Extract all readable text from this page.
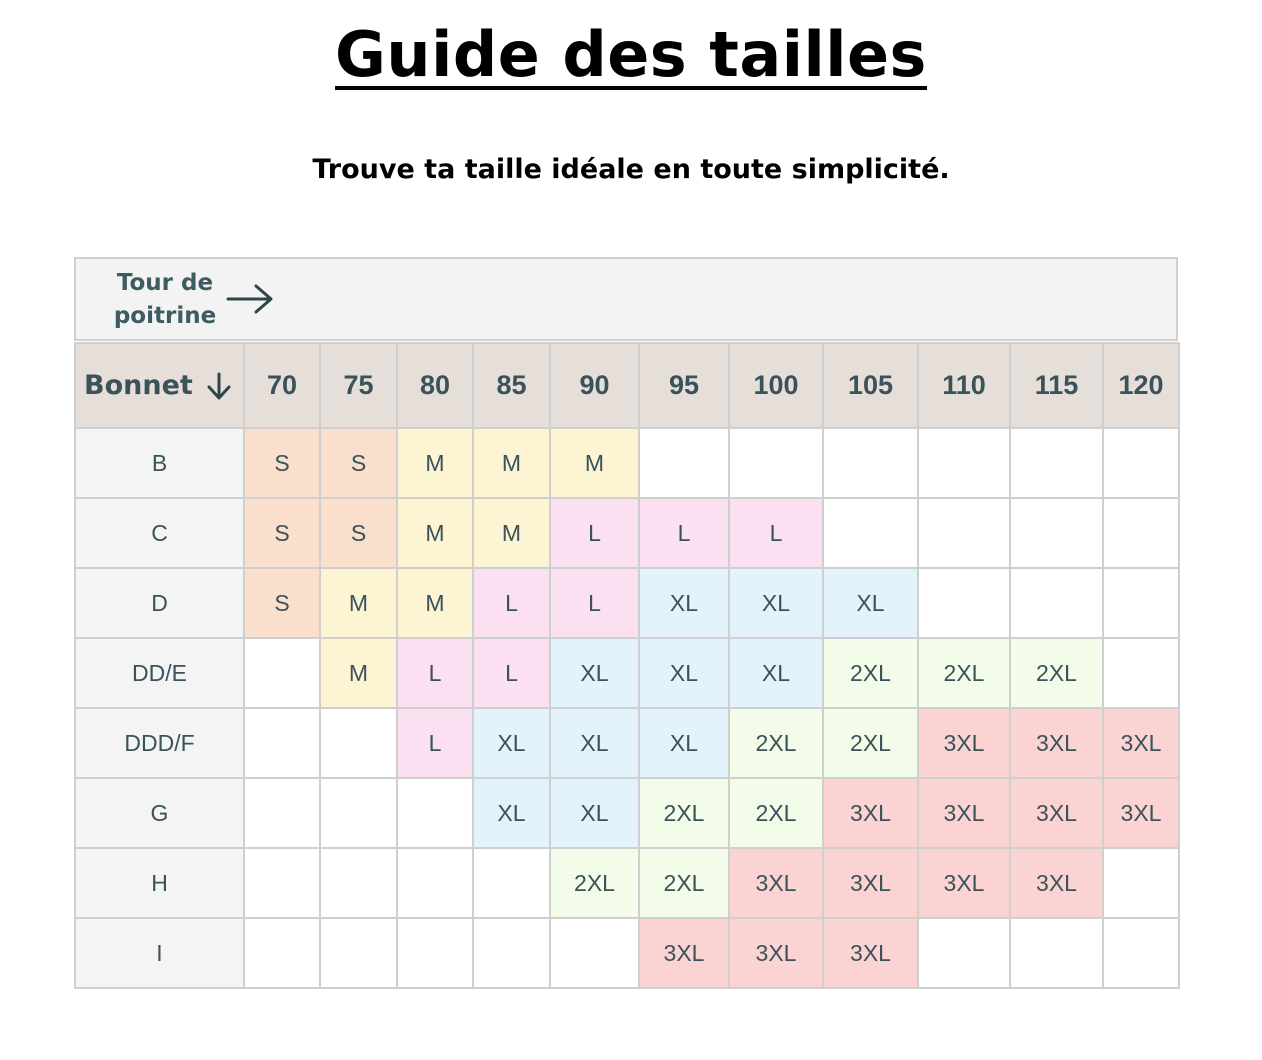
Guide des tailles

Trouve ta taille idéale en toute simplicité.

Tour de
poitrine
Bonnet	70	75	80	85	90	95	100	105	110	115	120
B	S	S	M	M	M						
C	S	S	M	M	L	L	L				
D	S	M	M	L	L	XL	XL	XL			
DD/E		M	L	L	XL	XL	XL	2XL	2XL	2XL	
DDD/F			L	XL	XL	XL	2XL	2XL	3XL	3XL	3XL
G				XL	XL	2XL	2XL	3XL	3XL	3XL	3XL
H					2XL	2XL	3XL	3XL	3XL	3XL	
I						3XL	3XL	3XL			
